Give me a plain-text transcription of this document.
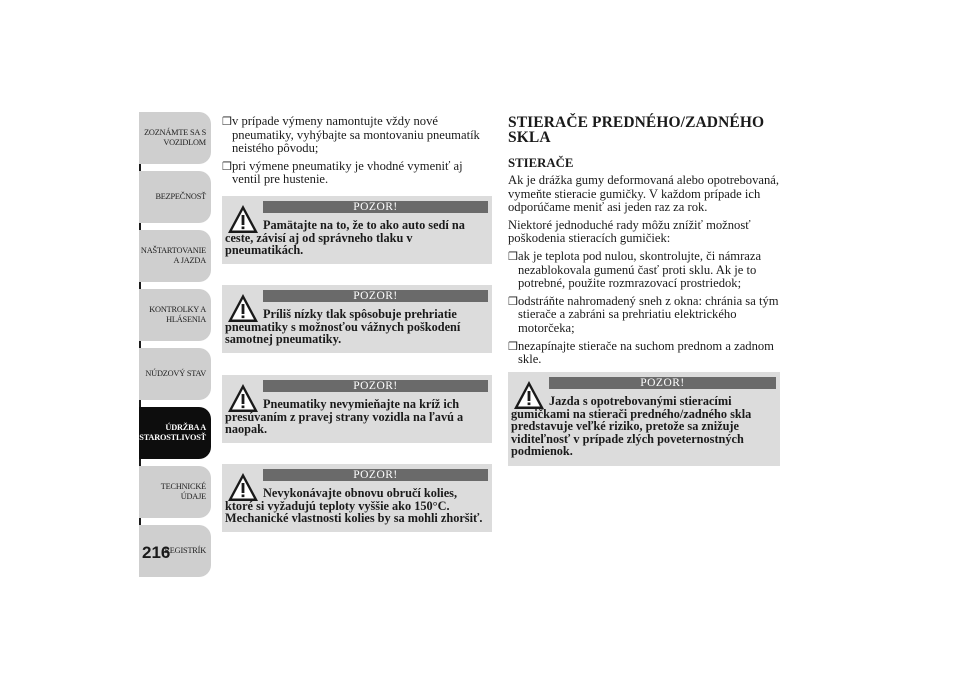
ZOZNÁMTE SA S VOZIDLOM
BEZPEČNOSŤ
NAŠTARTOVANIE A JAZDA
KONTROLKY A HLÁSENIA
NÚDZOVÝ STAV
ÚDRŽBA A STAROSTLIVOSŤ
TECHNICKÉ ÚDAJE
REGISTRÍK
216
❒ v prípade výmeny namontujte vždy nové pneumatiky, vyhýbajte sa montovaniu pneumatík neistého pôvodu;
❒ pri výmene pneumatiky je vhodné vymeniť aj ventil pre hustenie.
POZOR!
Pamätajte na to, že to ako auto sedí na ceste, závisí aj od správneho tlaku v pneumatikách.
POZOR!
Príliš nízky tlak spôsobuje prehriatie pneumatiky s možnosťou vážnych poškodení samotnej pneumatiky.
POZOR!
Pneumatiky nevymieňajte na kríž ich presúvaním z pravej strany vozidla na ľavú a naopak.
POZOR!
Nevykonávajte obnovu obručí kolies, ktoré si vyžadujú teploty vyššie ako 150°C. Mechanické vlastnosti kolies by sa mohli zhoršiť.
STIERAČE PREDNÉHO/ZADNÉHO SKLA
STIERAČE

Ak je drážka gumy deformovaná alebo opotrebovaná, vymeňte stieracie gumičky. V každom prípade ich odporúčame meniť asi jeden raz za rok.

Niektoré jednoduché rady môžu znížiť možnosť poškodenia stieracích gumičiek:

❒ ak je teplota pod nulou, skontrolujte, či námraza nezablokovala gumenú časť proti sklu. Ak je to potrebné, použite rozmrazovací prostriedok;
❒ odstráňte nahromadený sneh z okna: chránia sa tým stierače a zabráni sa prehriatiu elektrického motorčeka;
❒ nezapínajte stierače na suchom prednom a zadnom skle.
POZOR!
Jazda s opotrebovanými stieracími gumičkami na stierači predného/zadného skla predstavuje veľké riziko, pretože sa znižuje viditeľnosť v prípade zlých poveternostných podmienok.
